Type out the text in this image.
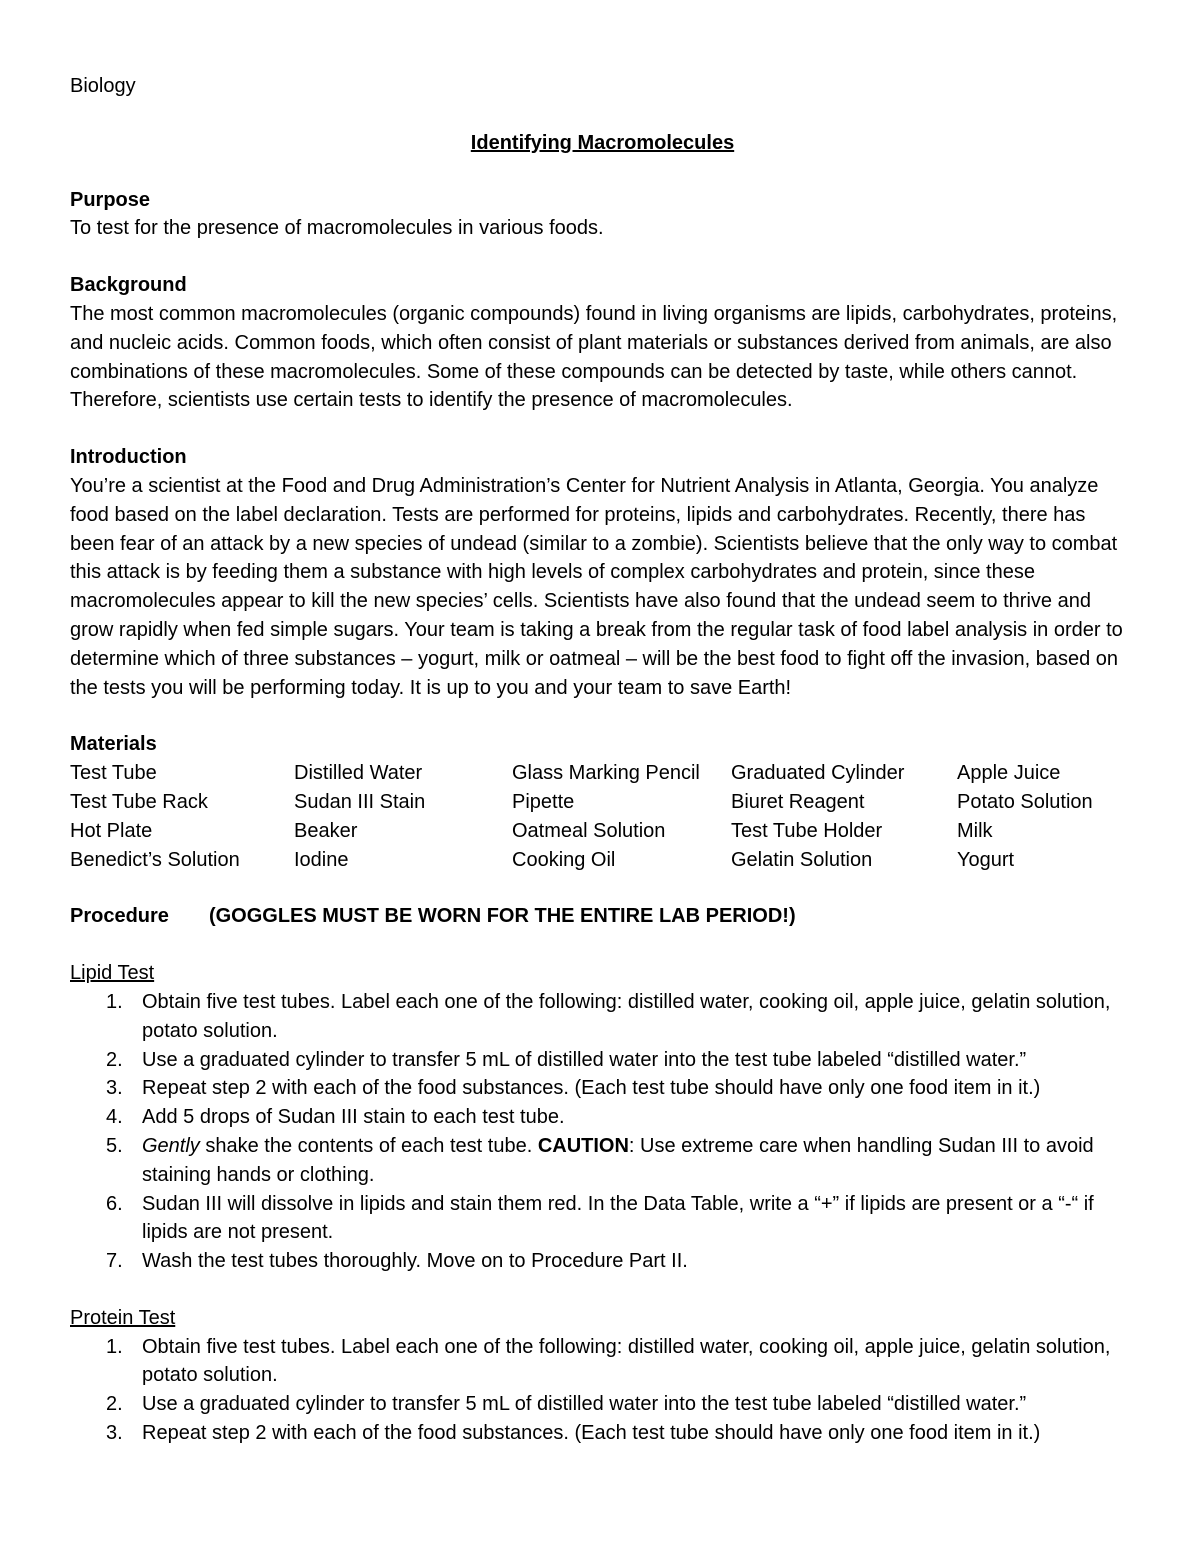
Biology
Identifying Macromolecules
Purpose
To test for the presence of macromolecules in various foods.
Background
The most common macromolecules (organic compounds) found in living organisms are lipids, carbohydrates, proteins, and nucleic acids. Common foods, which often consist of plant materials or substances derived from animals, are also combinations of these macromolecules. Some of these compounds can be detected by taste, while others cannot. Therefore, scientists use certain tests to identify the presence of macromolecules.
Introduction
You’re a scientist at the Food and Drug Administration’s Center for Nutrient Analysis in Atlanta, Georgia. You analyze food based on the label declaration. Tests are performed for proteins, lipids and carbohydrates. Recently, there has been fear of an attack by a new species of undead (similar to a zombie). Scientists believe that the only way to combat this attack is by feeding them a substance with high levels of complex carbohydrates and protein, since these macromolecules appear to kill the new species’ cells. Scientists have also found that the undead seem to thrive and grow rapidly when fed simple sugars. Your team is taking a break from the regular task of food label analysis in order to determine which of three substances – yogurt, milk or oatmeal – will be the best food to fight off the invasion, based on the tests you will be performing today. It is up to you and your team to save Earth!
Materials
Test Tube	Distilled Water	Glass Marking Pencil	Graduated Cylinder	Apple Juice
Test Tube Rack	Sudan III Stain	Pipette	Biuret Reagent	Potato Solution
Hot Plate	Beaker	Oatmeal Solution	Test Tube Holder	Milk
Benedict’s Solution	Iodine	Cooking Oil	Gelatin Solution	Yogurt
Procedure (GOGGLES MUST BE WORN FOR THE ENTIRE LAB PERIOD!)
Lipid Test
1. Obtain five test tubes. Label each one of the following: distilled water, cooking oil, apple juice, gelatin solution, potato solution.
2. Use a graduated cylinder to transfer 5 mL of distilled water into the test tube labeled “distilled water.”
3. Repeat step 2 with each of the food substances. (Each test tube should have only one food item in it.)
4. Add 5 drops of Sudan III stain to each test tube.
5. Gently shake the contents of each test tube. CAUTION: Use extreme care when handling Sudan III to avoid staining hands or clothing.
6. Sudan III will dissolve in lipids and stain them red. In the Data Table, write a “+” if lipids are present or a “-“ if lipids are not present.
7. Wash the test tubes thoroughly. Move on to Procedure Part II.
Protein Test
1. Obtain five test tubes. Label each one of the following: distilled water, cooking oil, apple juice, gelatin solution, potato solution.
2. Use a graduated cylinder to transfer 5 mL of distilled water into the test tube labeled “distilled water.”
3. Repeat step 2 with each of the food substances. (Each test tube should have only one food item in it.)
